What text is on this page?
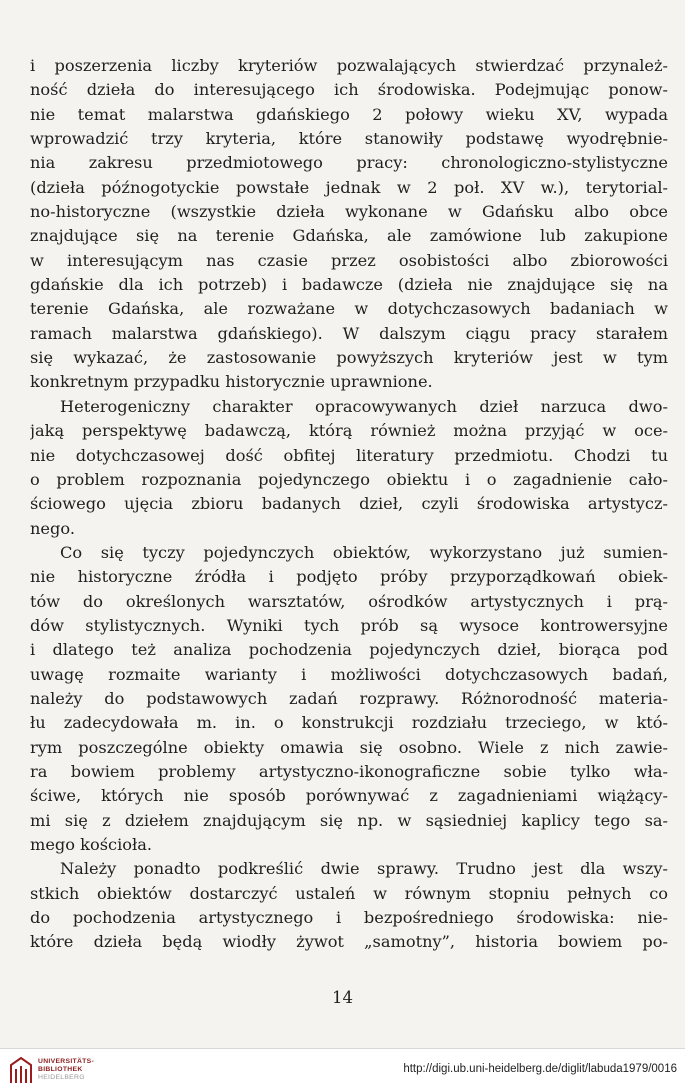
i poszerzenia liczby kryteriów pozwalających stwierdzać przynależ-
ność dzieła do interesującego ich środowiska. Podejmując ponow-
nie temat malarstwa gdańskiego 2 połowy wieku XV, wypada
wprowadzić trzy kryteria, które stanowiły podstawę wyodrębnie-
nia zakresu przedmiotowego pracy: chronologiczno-stylistyczne
(dzieła późnogotyckie powstałe jednak w 2 poł. XV w.), terytorial-
no-historyczne (wszystkie dzieła wykonane w Gdańsku albo obce
znajdujące się na terenie Gdańska, ale zamówione lub zakupione
w interesującym nas czasie przez osobistości albo zbiorowości
gdańskie dla ich potrzeb) i badawcze (dzieła nie znajdujące się na
terenie Gdańska, ale rozważane w dotychczasowych badaniach w
ramach malarstwa gdańskiego). W dalszym ciągu pracy starałem
się wykazać, że zastosowanie powyższych kryteriów jest w tym
konkretnym przypadku historycznie uprawnione.
Heterogeniczny charakter opracowywanych dzieł narzuca dwo-
jaką perspektywę badawczą, którą również można przyjąć w oce-
nie dotychczasowej dość obfitej literatury przedmiotu. Chodzi tu
o problem rozpoznania pojedynczego obiektu i o zagadnienie cało-
ściowego ujęcia zbioru badanych dzieł, czyli środowiska artystycz-
nego.
Co się tyczy pojedynczych obiektów, wykorzystano już sumien-
nie historyczne źródła i podjęto próby przyporządkowań obiek-
tów do określonych warsztatów, ośrodków artystycznych i prą-
dów stylistycznych. Wyniki tych prób są wysoce kontrowersyjne
i dlatego też analiza pochodzenia pojedynczych dzieł, biorąca pod
uwagę rozmaite warianty i możliwości dotychczasowych badań,
należy do podstawowych zadań rozprawy. Różnorodność materia-
łu zadecydowała m. in. o konstrukcji rozdziału trzeciego, w któ-
rym poszczególne obiekty omawia się osobno. Wiele z nich zawie-
ra bowiem problemy artystyczno-ikonograficzne sobie tylko wła-
ściwe, których nie sposób porównywać z zagadnieniami wiążący-
mi się z dziełem znajdującym się np. w sąsiedniej kaplicy tego sa-
mego kościoła.
Należy ponadto podkreślić dwie sprawy. Trudno jest dla wszy-
stkich obiektów dostarczyć ustaleń w równym stopniu pełnych co
do pochodzenia artystycznego i bezpośredniego środowiska: nie-
które dzieła będą wiodły żywot „samotny”, historia bowiem po-
14
UNIVERSITÄTS-
BIBLIOTHEK
HEIDELBERG
http://digi.ub.uni-heidelberg.de/diglit/labuda1979/0016
